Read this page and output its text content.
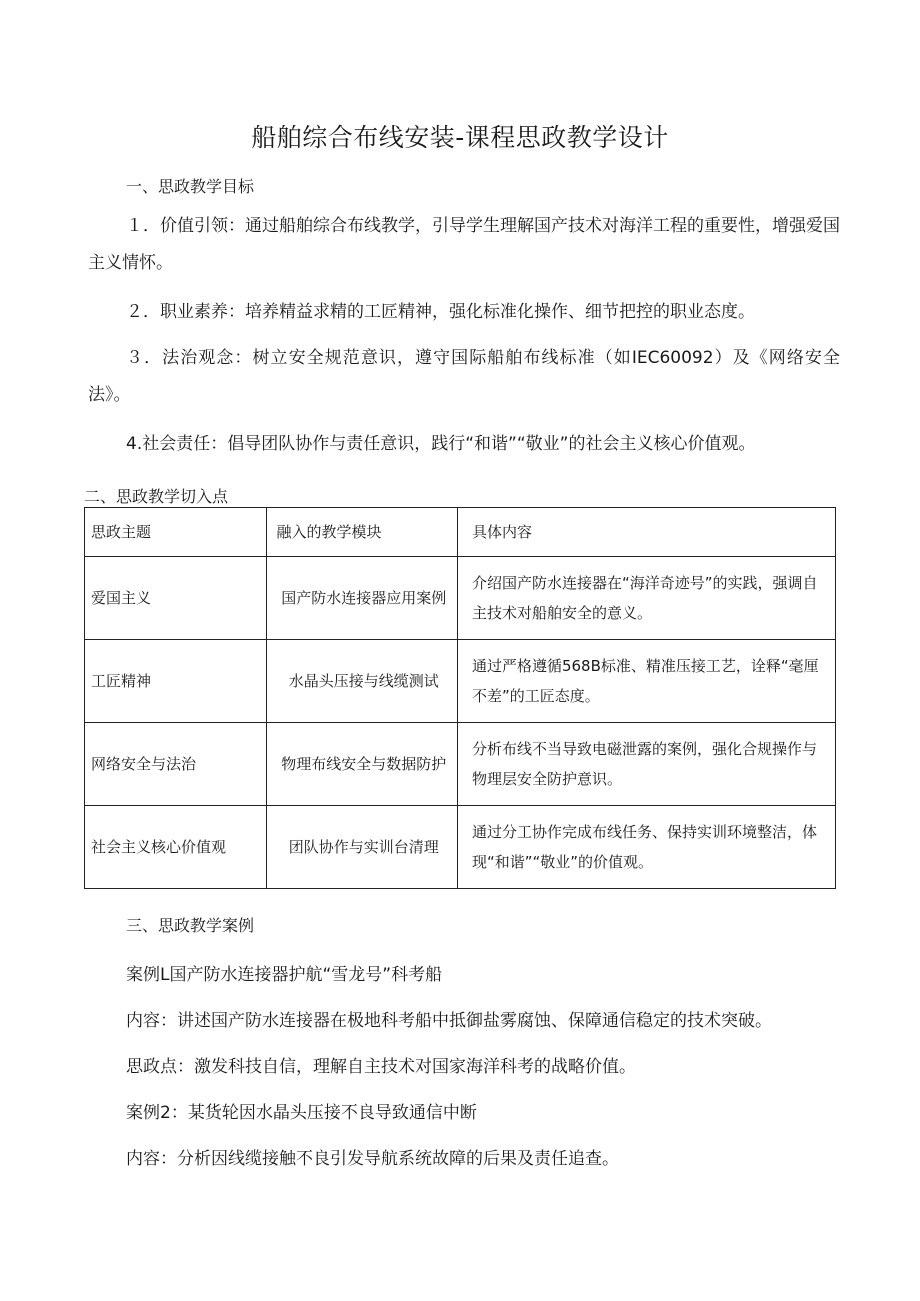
船舶综合布线安装-课程思政教学设计
一、思政教学目标
１．价值引领：通过船舶综合布线教学，引导学生理解国产技术对海洋工程的重要性，增强爱国主义情怀。
２．职业素养：培养精益求精的工匠精神，强化标准化操作、细节把控的职业态度。
３．法治观念：树立安全规范意识，遵守国际船舶布线标准（如IEC60092）及《网络安全法》。
4.社会责任：倡导团队协作与责任意识，践行“和谐”“敬业”的社会主义核心价值观。
二、思政教学切入点
思政主题	融入的教学模块	具体内容
爱国主义	国产防水连接器应用案例	介绍国产防水连接器在“海洋奇迹号”的实践，强调自主技术对船舶安全的意义。
工匠精神	水晶头压接与线缆测试	通过严格遵循568B标准、精准压接工艺，诠释“毫厘不差”的工匠态度。
网络安全与法治	物理布线安全与数据防护	分析布线不当导致电磁泄露的案例，强化合规操作与物理层安全防护意识。
社会主义核心价值观	团队协作与实训台清理	通过分工协作完成布线任务、保持实训环境整洁，体现“和谐”“敬业”的价值观。
三、思政教学案例
案例L国产防水连接器护航“雪龙号”科考船
内容：讲述国产防水连接器在极地科考船中抵御盐雾腐蚀、保障通信稳定的技术突破。
思政点：激发科技自信，理解自主技术对国家海洋科考的战略价值。
案例2：某货轮因水晶头压接不良导致通信中断
内容：分析因线缆接触不良引发导航系统故障的后果及责任追查。
